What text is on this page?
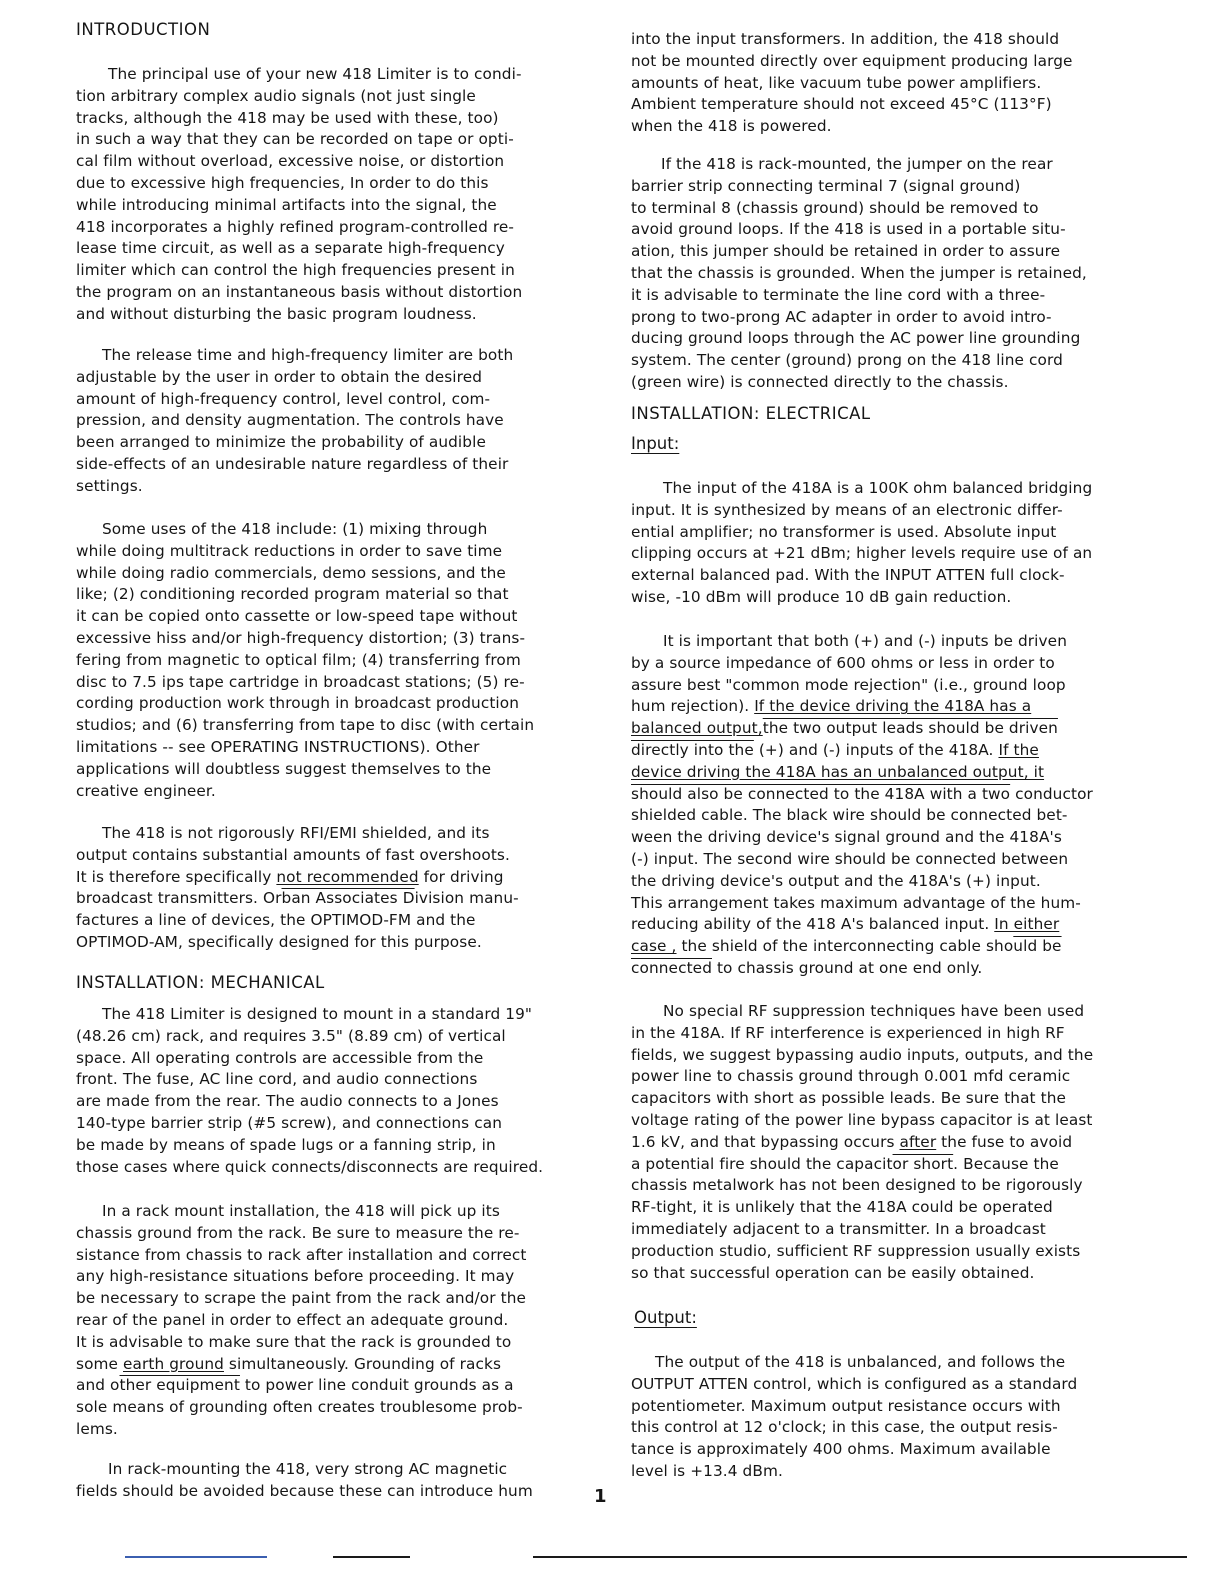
INTRODUCTION
The principal use of your new 418 Limiter is to condi-
tion arbitrary complex audio signals (not just single
tracks, although the 418 may be used with these, too)
in such a way that they can be recorded on tape or opti-
cal film without overload, excessive noise, or distortion
due to excessive high frequencies, In order to do this
while introducing minimal artifacts into the signal, the
418 incorporates a highly refined program-controlled re-
lease time circuit, as well as a separate high-frequency
limiter which can control the high frequencies present in
the program on an instantaneous basis without distortion
and without disturbing the basic program loudness.
The release time and high-frequency limiter are both
adjustable by the user in order to obtain the desired
amount of high-frequency control, level control, com-
pression, and density augmentation. The controls have
been arranged to minimize the probability of audible
side-effects of an undesirable nature regardless of their
settings.
Some uses of the 418 include: (1) mixing through
while doing multitrack reductions in order to save time
while doing radio commercials, demo sessions, and the
like; (2) conditioning recorded program material so that
it can be copied onto cassette or low-speed tape without
excessive hiss and/or high-frequency distortion; (3) trans-
fering from magnetic to optical film; (4) transferring from
disc to 7.5 ips tape cartridge in broadcast stations; (5) re-
cording production work through in broadcast production
studios; and (6) transferring from tape to disc (with certain
limitations -- see OPERATING INSTRUCTIONS). Other
applications will doubtless suggest themselves to the
creative engineer.
The 418 is not rigorously RFI/EMI shielded, and its
output contains substantial amounts of fast overshoots.
It is therefore specifically not recommended for driving
broadcast transmitters. Orban Associates Division manu-
factures a line of devices, the OPTIMOD-FM and the
OPTIMOD-AM, specifically designed for this purpose.
INSTALLATION: MECHANICAL
The 418 Limiter is designed to mount in a standard 19"
(48.26 cm) rack, and requires 3.5" (8.89 cm) of vertical
space. All operating controls are accessible from the
front. The fuse, AC line cord, and audio connections
are made from the rear. The audio connects to a Jones
140-type barrier strip (#5 screw), and connections can
be made by means of spade lugs or a fanning strip, in
those cases where quick connects/disconnects are required.
In a rack mount installation, the 418 will pick up its
chassis ground from the rack. Be sure to measure the re-
sistance from chassis to rack after installation and correct
any high-resistance situations before proceeding. It may
be necessary to scrape the paint from the rack and/or the
rear of the panel in order to effect an adequate ground.
It is advisable to make sure that the rack is grounded to
some earth ground simultaneously. Grounding of racks
and other equipment to power line conduit grounds as a
sole means of grounding often creates troublesome prob-
lems.
In rack-mounting the 418, very strong AC magnetic
fields should be avoided because these can introduce hum
into the input transformers. In addition, the 418 should
not be mounted directly over equipment producing large
amounts of heat, like vacuum tube power amplifiers.
Ambient temperature should not exceed 45°C (113°F)
when the 418 is powered.
If the 418 is rack-mounted, the jumper on the rear
barrier strip connecting terminal 7 (signal ground)
to terminal 8 (chassis ground) should be removed to
avoid ground loops. If the 418 is used in a portable situ-
ation, this jumper should be retained in order to assure
that the chassis is grounded. When the jumper is retained,
it is advisable to terminate the line cord with a three-
prong to two-prong AC adapter in order to avoid intro-
ducing ground loops through the AC power line grounding
system. The center (ground) prong on the 418 line cord
(green wire) is connected directly to the chassis.
INSTALLATION: ELECTRICAL
Input:
The input of the 418A is a 100K ohm balanced bridging
input. It is synthesized by means of an electronic differ-
ential amplifier; no transformer is used. Absolute input
clipping occurs at +21 dBm; higher levels require use of an
external balanced pad. With the INPUT ATTEN full clock-
wise, -10 dBm will produce 10 dB gain reduction.
It is important that both (+) and (-) inputs be driven
by a source impedance of 600 ohms or less in order to
assure best "common mode rejection" (i.e., ground loop
hum rejection). If the device driving the 418A has a
balanced output,the two output leads should be driven
directly into the (+) and (-) inputs of the 418A. If the
device driving the 418A has an unbalanced output, it
should also be connected to the 418A with a two conductor
shielded cable. The black wire should be connected bet-
ween the driving device's signal ground and the 418A's
(-) input. The second wire should be connected between
the driving device's output and the 418A's (+) input.
This arrangement takes maximum advantage of the hum-
reducing ability of the 418 A's balanced input. In either
case , the shield of the interconnecting cable should be
connected to chassis ground at one end only.
No special RF suppression techniques have been used
in the 418A. If RF interference is experienced in high RF
fields, we suggest bypassing audio inputs, outputs, and the
power line to chassis ground through 0.001 mfd ceramic
capacitors with short as possible leads. Be sure that the
voltage rating of the power line bypass capacitor is at least
1.6 kV, and that bypassing occurs after the fuse to avoid
a potential fire should the capacitor short. Because the
chassis metalwork has not been designed to be rigorously
RF-tight, it is unlikely that the 418A could be operated
immediately adjacent to a transmitter. In a broadcast
production studio, sufficient RF suppression usually exists
so that successful operation can be easily obtained.
Output:
The output of the 418 is unbalanced, and follows the
OUTPUT ATTEN control, which is configured as a standard
potentiometer. Maximum output resistance occurs with
this control at 12 o'clock; in this case, the output resis-
tance is approximately 400 ohms. Maximum available
level is +13.4 dBm.
1
